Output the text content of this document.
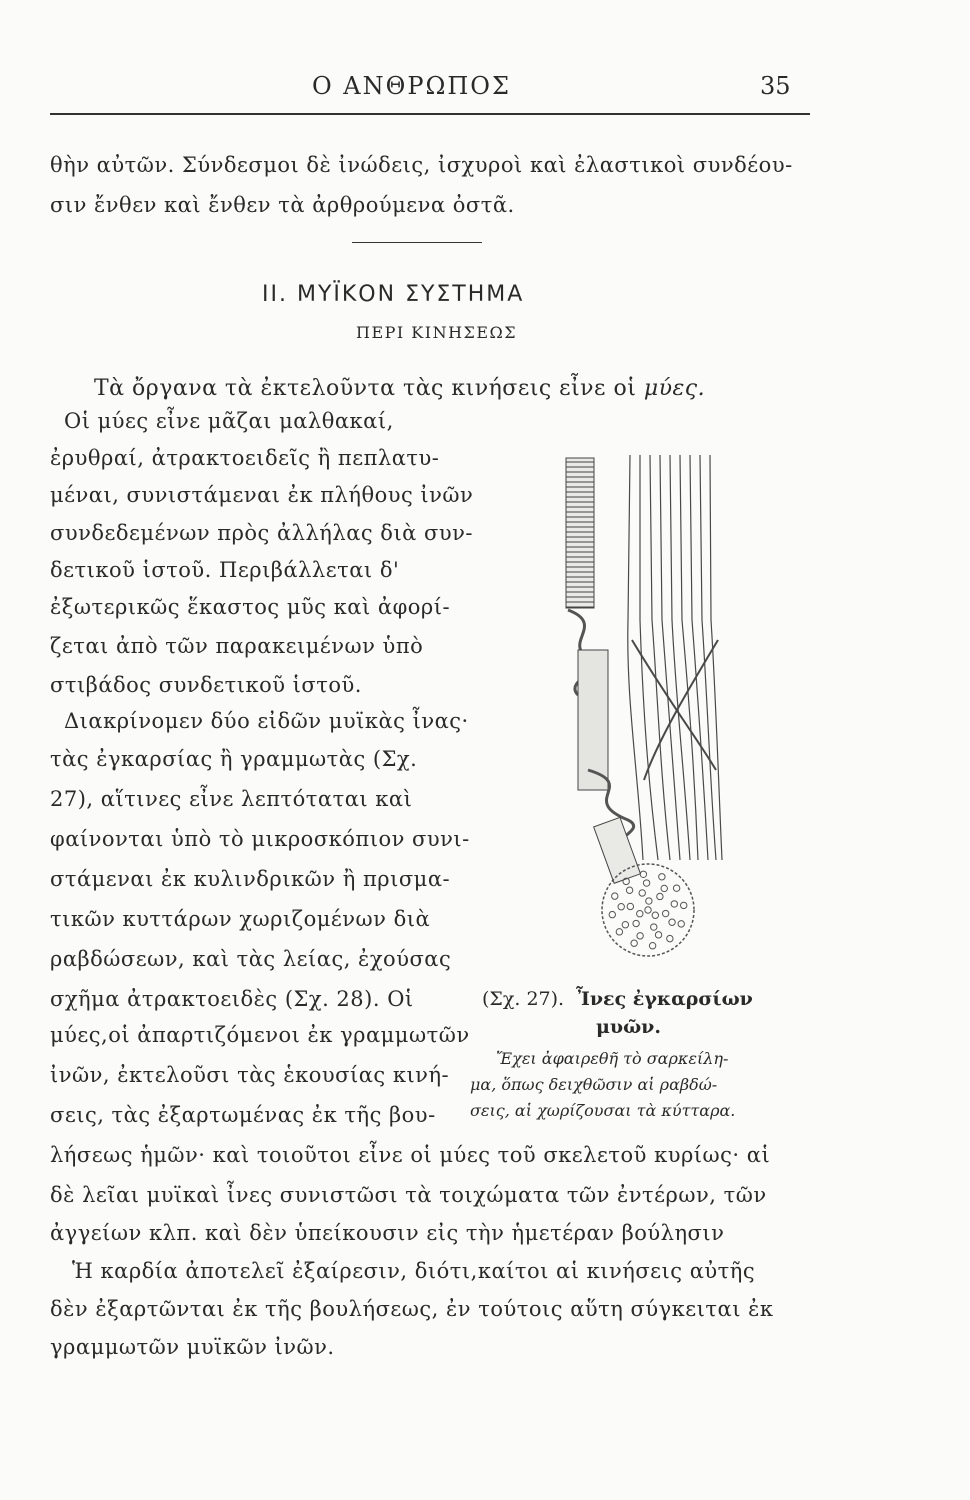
Ο ΑΝΘΡΩΠΟΣ	35
θὴν αὐτῶν. Σύνδεσμοι δὲ ἰνώδεις, ἰσχυροὶ καὶ ἐλαστικοὶ συνδέου-
σιν ἔνθεν καὶ ἔνθεν τὰ ἀρθρούμενα ὀστᾶ.
II. ΜΥΪΚΟΝ ΣΥΣΤΗΜΑ
ΠΕΡΙ ΚΙΝΗΣΕΩΣ
Τὰ ὄργανα τὰ ἐκτελοῦντα τὰς κινήσεις εἶνε οἱ μύες.
Οἱ μύες εἶνε μᾶζαι μαλθακαί,
ἐρυθραί, ἀτρακτοειδεῖς ἢ πεπλατυ-
μέναι, συνιστάμεναι ἐκ πλήθους ἰνῶν
συνδεδεμένων πρὸς ἀλλήλας διὰ συν-
δετικοῦ ἱστοῦ. Περιβάλλεται δ'
ἐξωτερικῶς ἕκαστος μῦς καὶ ἀφορί-
ζεται ἀπὸ τῶν παρακειμένων ὑπὸ
στιβάδος συνδετικοῦ ἱστοῦ.
Διακρίνομεν δύο εἰδῶν μυϊκὰς ἶνας·
τὰς ἐγκαρσίας ἢ γραμμωτὰς (Σχ.
27), αἵτινες εἶνε λεπτόταται καὶ
φαίνονται ὑπὸ τὸ μικροσκόπιον συνι-
στάμεναι ἐκ κυλινδρικῶν ἢ πρισμα-
τικῶν κυττάρων χωριζομένων διὰ
ραβδώσεων, καὶ τὰς λείας, ἐχούσας
σχῆμα ἀτρακτοειδὲς (Σχ. 28). Οἱ
μύες,οἱ ἀπαρτιζόμενοι ἐκ γραμμωτῶν
ἰνῶν, ἐκτελοῦσι τὰς ἑκουσίας κινή-
σεις, τὰς ἐξαρτωμένας ἐκ τῆς βου-
(Σχ. 27). Ἶνες ἐγκαρσίων
μυῶν.
Ἔχει ἀφαιρεθῆ τὸ σαρκείλη-
μα, ὅπως δειχθῶσιν αἱ ραβδώ-
σεις, αἱ χωρίζουσαι τὰ κύτταρα.
λήσεως ἡμῶν· καὶ τοιοῦτοι εἶνε οἱ μύες τοῦ σκελετοῦ κυρίως· αἱ
δὲ λεῖαι μυϊκαὶ ἶνες συνιστῶσι τὰ τοιχώματα τῶν ἐντέρων, τῶν
ἀγγείων κλπ. καὶ δὲν ὑπείκουσιν εἰς τὴν ἡμετέραν βούλησιν
Ἡ καρδία ἀποτελεῖ ἐξαίρεσιν, διότι,καίτοι αἱ κινήσεις αὐτῆς
δὲν ἐξαρτῶνται ἐκ τῆς βουλήσεως, ἐν τούτοις αὕτη σύγκειται ἐκ
γραμμωτῶν μυϊκῶν ἰνῶν.
